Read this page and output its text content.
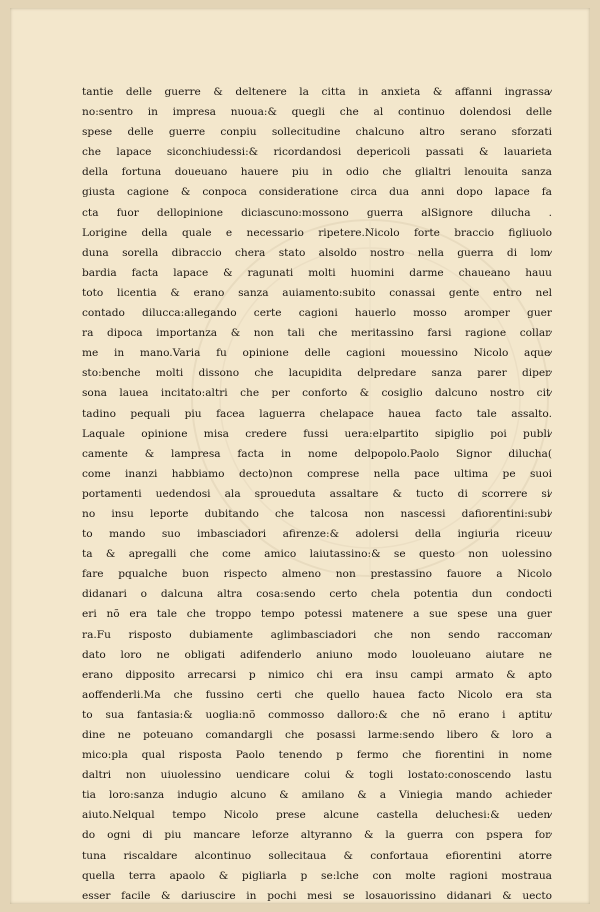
tantie delle guerre & deltenere la citta in anxieta & affanni ingrassa⁄
no:sentro in impresa nuoua:& quegli che al continuo dolendosi delle
spese delle guerre conpiu sollecitudine chalcuno altro serano sforzati
che lapace siconchiudessi:& ricordandosi depericoli passati & lauarieta
della fortuna doueuano hauere piu in odio che glialtri lenouita sanza
giusta cagione & conpoca consideratione circa dua anni dopo lapace fa
cta fuor dellopinione diciascuno:mossono guerra alSignore dilucha .
Lorigine della quale e necessario ripetere.Nicolo forte braccio figliuolo
duna sorella dibraccio chera stato alsoldo nostro nella guerra di lom⁄
bardia facta lapace & ragunati molti huomini darme chaueano hauu
toto licentia & erano sanza auiamento:subito conassai gente entro nel
contado dilucca:allegando certe cagioni hauerlo mosso aromper guer
ra dipoca importanza & non tali che meritassino farsi ragione collar⁄
me in mano.Varia fu opinione delle cagioni mouessino Nicolo aque⁄
sto:benche molti dissono che lacupidita delpredare sanza parer diper⁄
sona lauea incitato:altri che per conforto & cosiglio dalcuno nostro cit⁄
tadino pequali piu facea laguerra chelapace hauea facto tale assalto.
Laquale opinione misa credere fussi uera:elpartito sipiglio poi publi⁄
camente & lampresa facta in nome delpopolo.Paolo Signor dilucha(
come inanzi habbiamo decto)non comprese nella pace ultima pe suoi
portamenti uedendosi ala sproueduta assaltare & tucto di scorrere si⁄
no insu leporte dubitando che talcosa non nascessi dafiorentini:subi⁄
to mando suo imbasciadori afirenze:& adolersi della ingiuria riceuu⁄
ta & apregalli che come amico laiutassino:& se questo non uolessino
fare pqualche buon rispecto almeno non prestassino fauore a Nicolo
didanari o dalcuna altra cosa:sendo certo chela potentia dun condocti
eri nõ era tale che troppo tempo potessi matenere a sue spese una guer
ra.Fu risposto dubiamente aglimbasciadori che non sendo raccoman⁄
dato loro ne obligati adifenderlo aniuno modo louoleuano aiutare ne
erano dipposito arrecarsi p nimico chi era insu campi armato & apto
aoffenderli.Ma che fussino certi che quello hauea facto Nicolo era sta
to sua fantasia:& uoglia:nõ commosso dalloro:& che nõ erano i aptitu⁄
dine ne poteuano comandargli che posassi larme:sendo libero & loro a
mico:pla qual risposta Paolo tenendo p fermo che fiorentini in nome
daltri non uiuolessino uendicare colui & togli lostato:conoscendo lastu
tia loro:sanza indugio alcuno & amilano & a Viniegia mando achieder
aiuto.Nelqual tempo Nicolo prese alcune castella deluchesi:& ueden⁄
do ogni di piu mancare leforze altyranno & la guerra con pspera for⁄
tuna riscaldare alcontinuo sollecitaua & confortaua efiorentini atorre
quella terra apaolo & pigliarla p se:lche con molte ragioni mostraua
esser facile & dariuscire in pochi mesi se losauorissino didanari & uecto
